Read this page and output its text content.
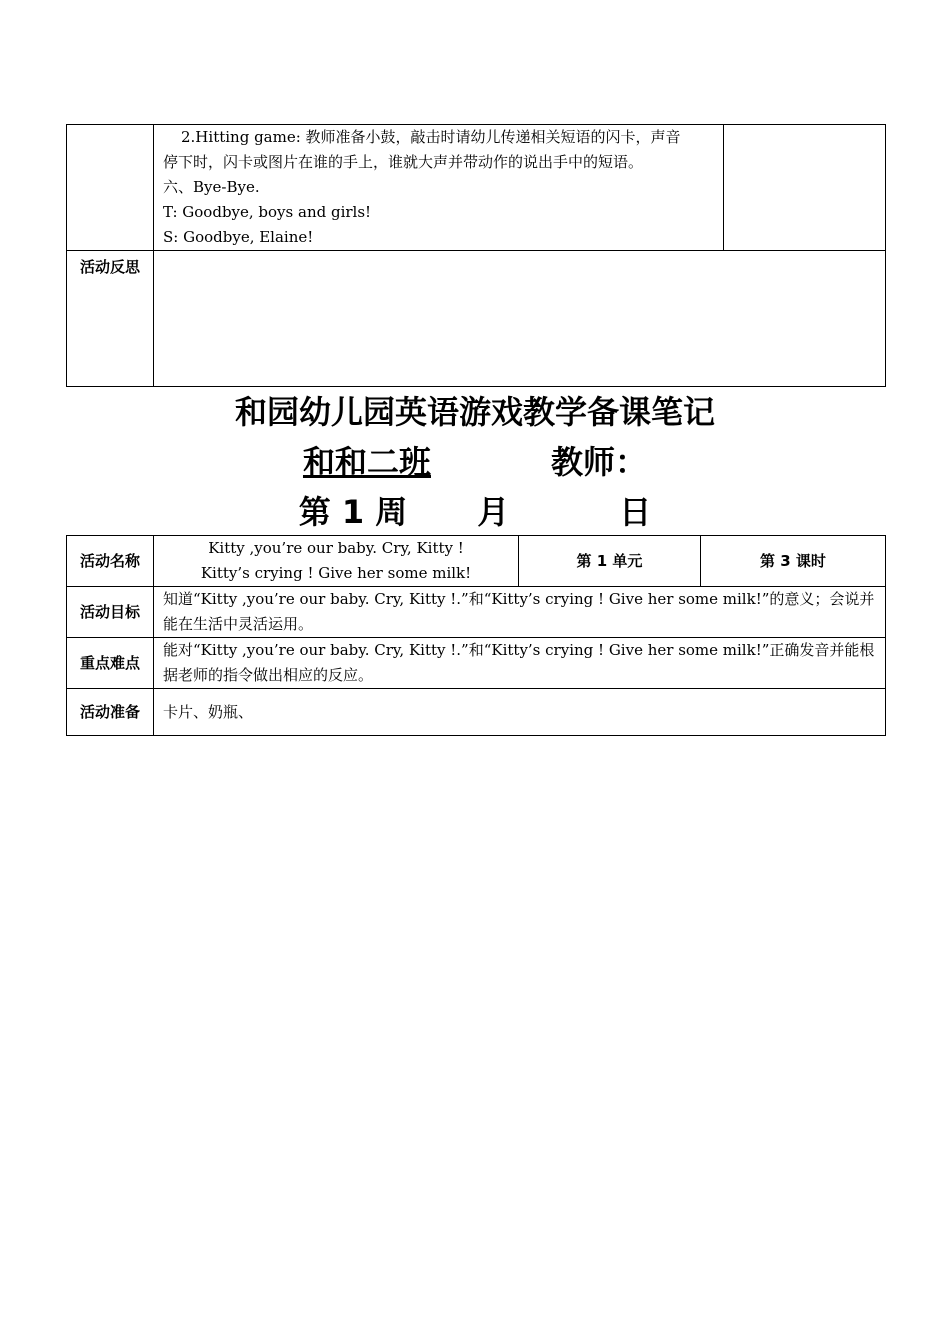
	2.Hitting game: 教师准备小鼓，敲击时请幼儿传递相关短语的闪卡，声音
停下时，闪卡或图片在谁的手上，谁就大声并带动作的说出手中的短语。
六、Bye-Bye.
T: Goodbye, boys and girls!
S: Goodbye, Elaine!	

活动反思		
和园幼儿园英语游戏教学备课笔记
和和二班	教师：
第 1 周 月	日
活动名称	Kitty ,you’re our baby. Cry, Kitty !
Kitty’s crying ! Give her some milk!	第 1 单元	第 3 课时
活动目标	知道“Kitty ,you’re our baby. Cry, Kitty !.”和“Kitty’s crying ! Give her some milk!”的意义；会说并
能在生活中灵活运用。		

重点难点	能对“Kitty ,you’re our baby. Cry, Kitty !.”和“Kitty’s crying ! Give her some milk!”正确发音并能根
据老师的指令做出相应的反应。		

活动准备	卡片、奶瓶、		
